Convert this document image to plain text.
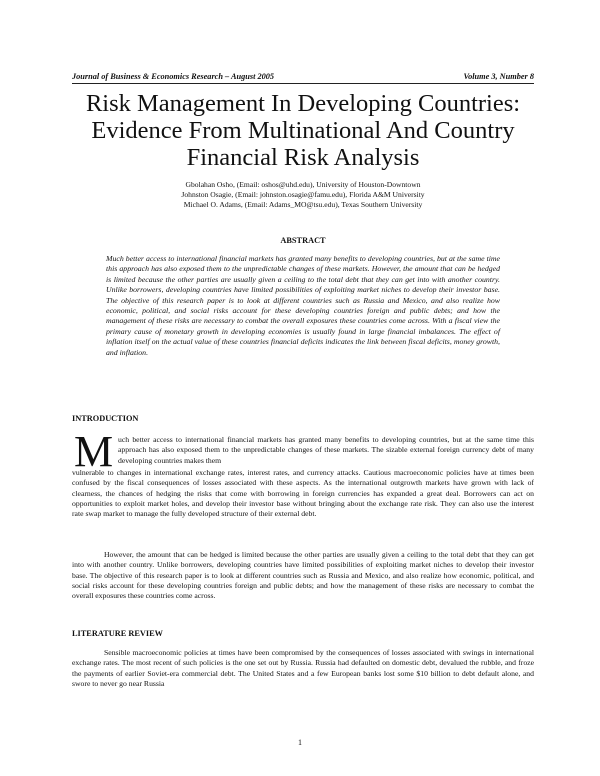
Journal of Business & Economics Research – August 2005	Volume 3, Number 8
Risk Management In Developing Countries: Evidence From Multinational And Country Financial Risk Analysis
Gbolahan Osho, (Email: oshos@uhd.edu), University of Houston-Downtown
Johnston Osagie, (Email: johnston.osagie@famu.edu), Florida A&M University
Michael O. Adams, (Email: Adams_MO@tsu.edu), Texas Southern University
ABSTRACT

Much better access to international financial markets has granted many benefits to developing countries, but at the same time this approach has also exposed them to the unpredictable changes of these markets. However, the amount that can be hedged is limited because the other parties are usually given a ceiling to the total debt that they can get into with another country. Unlike borrowers, developing countries have limited possibilities of exploiting market niches to develop their investor base. The objective of this research paper is to look at different countries such as Russia and Mexico, and also realize how economic, political, and social risks account for these developing countries foreign and public debts; and how the management of these risks are necessary to combat the overall exposures these countries come across. With a fiscal view the primary cause of monetary growth in developing economies is usually found in large financial imbalances. The effect of inflation itself on the actual value of these countries financial deficits indicates the link between fiscal deficits, money growth, and inflation.

INTRODUCTION
M uch better access to international financial markets has granted many benefits to developing countries, but at the same time this approach has also exposed them to the unpredictable changes of these markets. The sizable external foreign currency debt of many developing countries makes them

vulnerable to changes in international exchange rates, interest rates, and currency attacks. Cautious macroeconomic policies have at times been confused by the fiscal consequences of losses associated with these aspects. As the international outgrowth markets have grown with lack of clearness, the chances of hedging the risks that come with borrowing in foreign currencies has expanded a great deal. Borrowers can act on opportunities to exploit market holes, and develop their investor base without bringing about the exchange rate risk. They can also use the interest rate swap market to manage the fully developed structure of their external debt.

However, the amount that can be hedged is limited because the other parties are usually given a ceiling to the total debt that they can get into with another country. Unlike borrowers, developing countries have limited possibilities of exploiting market niches to develop their investor base. The objective of this research paper is to look at different countries such as Russia and Mexico, and also realize how economic, political, and social risks account for these developing countries foreign and public debts; and how the management of these risks are necessary to combat the overall exposures these countries come across.

LITERATURE REVIEW

Sensible macroeconomic policies at times have been compromised by the consequences of losses associated with swings in international exchange rates. The most recent of such policies is the one set out by Russia. Russia had defaulted on domestic debt, devalued the rubble, and froze the payments of earlier Soviet-era commercial debt. The United States and a few European banks lost some $10 billion to debt default alone, and swore to never go near Russia

1
